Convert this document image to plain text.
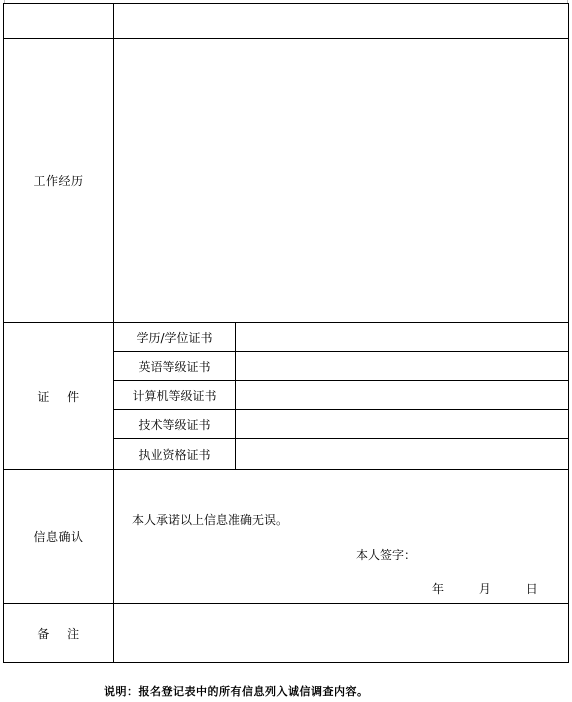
工作经历		
证    件	学历/学位证书	
	英语等级证书	
	计算机等级证书	
	技术等级证书	
	执业资格证书	
信息确认	本人承诺以上信息准确无误。
本人签字：
年 月 日	

备    注		
说明：报名登记表中的所有信息列入诚信调查内容。
